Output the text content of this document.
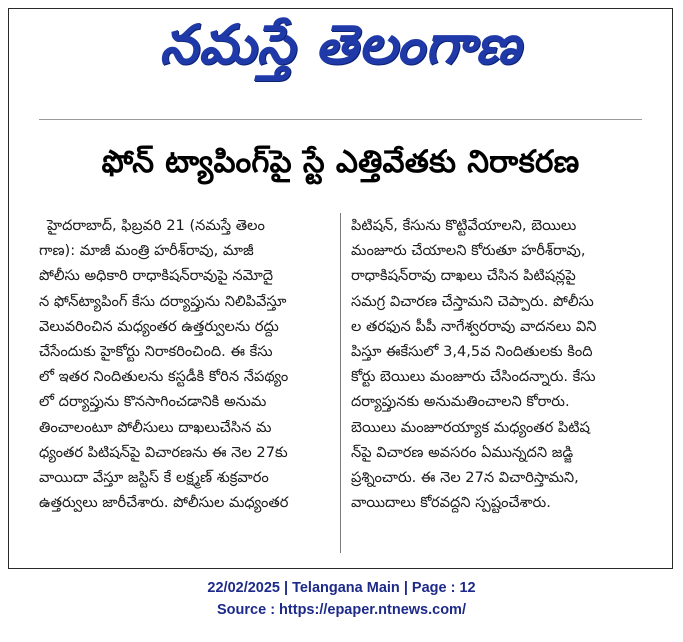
నమస్తే తెలంగాణ
ఫోన్ ట్యాపింగ్‌పై స్టే ఎత్తివేతకు నిరాకరణ
హైదరాబాద్, ఫిబ్రవరి 21 (నమస్తే తెలం
గాణ): మాజీ మంత్రి హరీశ్‌రావు, మాజీ
పోలీసు అధికారి రాధాకిషన్‌రావుపై నమోదై
న ఫోన్‌ట్యాపింగ్ కేసు దర్యాప్తును నిలిపివేస్తూ
వెలువరించిన మధ్యంతర ఉత్తర్వులను రద్దు
చేసేందుకు హైకోర్టు నిరాకరించింది. ఈ కేసు
లో ఇతర నిందితులను కస్టడీకి కోరిన నేపథ్యం
లో దర్యాప్తును కొనసాగించడానికి అనుమ
తించాలంటూ పోలీసులు దాఖలుచేసిన మ
ధ్యంతర పిటిషన్‌పై విచారణను ఈ నెల 27కు
వాయిదా వేస్తూ జస్టిస్ కే లక్ష్మణ్ శుక్రవారం
ఉత్తర్వులు జారీచేశారు. పోలీసుల మధ్యంతర
పిటిషన్, కేసును కొట్టివేయాలని, బెయిలు
మంజూరు చేయాలని కోరుతూ హరీశ్‌రావు,
రాధాకిషన్‌రావు దాఖలు చేసిన పిటిషన్లపై
సమగ్ర విచారణ చేస్తామని చెప్పారు. పోలీసు
ల తరఫున పీపీ నాగేశ్వరరావు వాదనలు విని
పిస్తూ ఈకేసులో 3,4,5వ నిందితులకు కింది
కోర్టు బెయిలు మంజూరు చేసిందన్నారు. కేసు
దర్యాప్తునకు అనుమతించాలని కోరారు.
బెయిలు మంజూరయ్యాక మధ్యంతర పిటిష
న్‌పై విచారణ అవసరం ఏమున్నదని జడ్జి
ప్రశ్నించారు. ఈ నెల 27న విచారిస్తామని,
వాయిదాలు కోరవద్దని స్పష్టంచేశారు.
22/02/2025 | Telangana Main | Page : 12
Source : https://epaper.ntnews.com/
